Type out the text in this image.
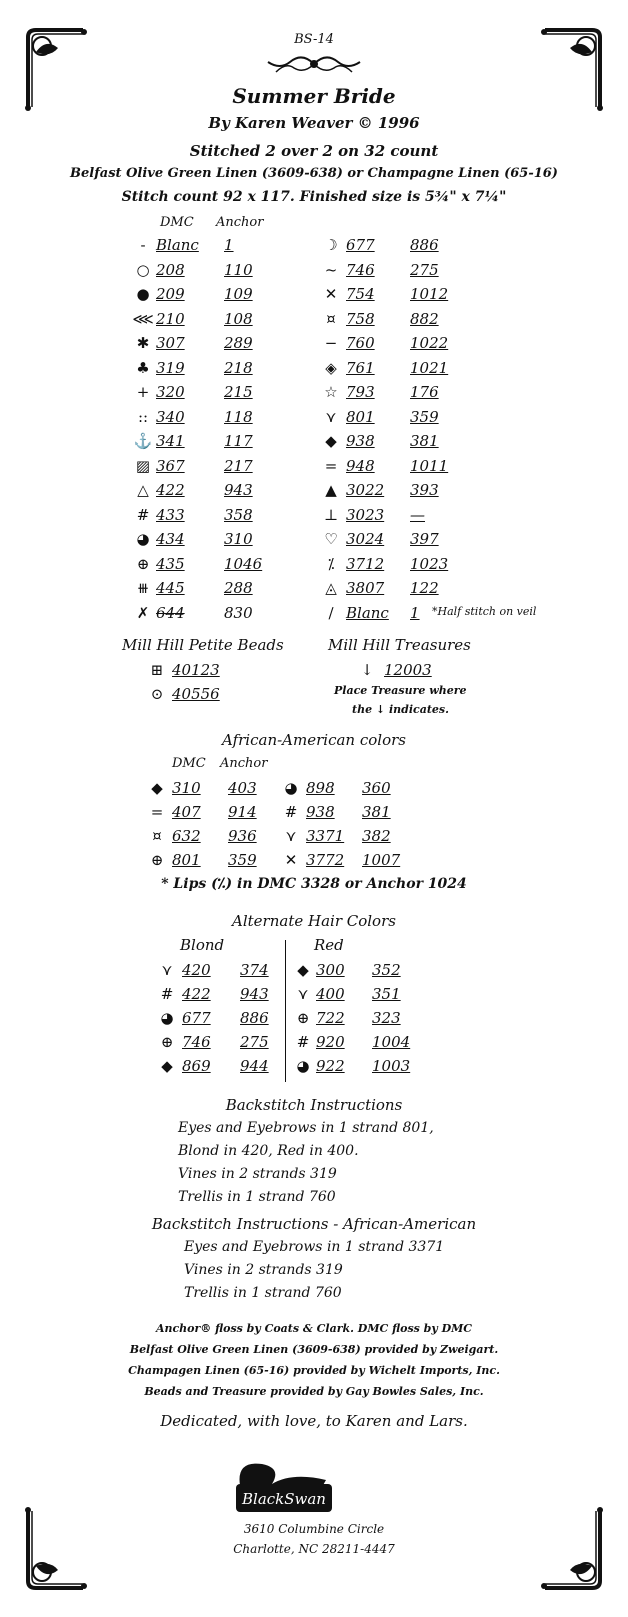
BS-14
Summer Bride
By Karen Weaver © 1996
Stitched 2 over 2 on 32 count
Belfast Olive Green Linen (3609-638) or Champagne Linen (65-16)
Stitch count 92 x 117. Finished size is 5¾" x 7¼"
DMC Anchor
- Blanc 1
○ 208	110
● 209	109
⋘ 210	108
✱ 307	289
♣ 319	218
+ 320	215
:: 340	118
⚓ 341	117
▨ 367	217
△ 422	943
# 433	358
◕ 434	310
⊕ 435	1046
⧻ 445	288
✗ 644	830
☽ 677 886
~ 746 275
✕ 754 1012
¤ 758 882
− 760 1022
◈ 761 1021
☆ 793 176
⋎ 801 359
◆ 938 381
= 948 1011
▲ 3022 393
⊥ 3023 —
♡ 3024 397
⁒ 3712 1023
◬ 3807 122
∕ Blanc 1 *Half stitch on veil
Mill Hill Petite Beads
⊞ 40123
⊙ 40556
Mill Hill Treasures
↓ 12003
Place Treasure where
the ↓ indicates.
African-American colors
DMC Anchor
◆ 310 403
= 407 914
¤ 632 936
⊕ 801 359
◕ 898 360
# 938 381
⋎ 3371 382
✕ 3772 1007
* Lips (⁒) in DMC 3328 or Anchor 1024
Alternate Hair Colors
Blond	Red
⋎ 420 374
# 422 943
◕ 677 886
⊕ 746 275
◆ 869 944
◆ 300 352
⋎ 400 351
⊕ 722 323
# 920 1004
◕ 922 1003
Backstitch Instructions
Eyes and Eyebrows in 1 strand 801,
Blond in 420, Red in 400.
Vines in 2 strands 319
Trellis in 1 strand 760
Backstitch Instructions - African-American
Eyes and Eyebrows in 1 strand 3371
Vines in 2 strands 319
Trellis in 1 strand 760
Anchor® floss by Coats & Clark. DMC floss by DMC
Belfast Olive Green Linen (3609-638) provided by Zweigart.
Champagen Linen (65-16) provided by Wichelt Imports, Inc.
Beads and Treasure provided by Gay Bowles Sales, Inc.
Dedicated, with love, to Karen and Lars.
BlackSwan
3610 Columbine Circle
Charlotte, NC 28211-4447
